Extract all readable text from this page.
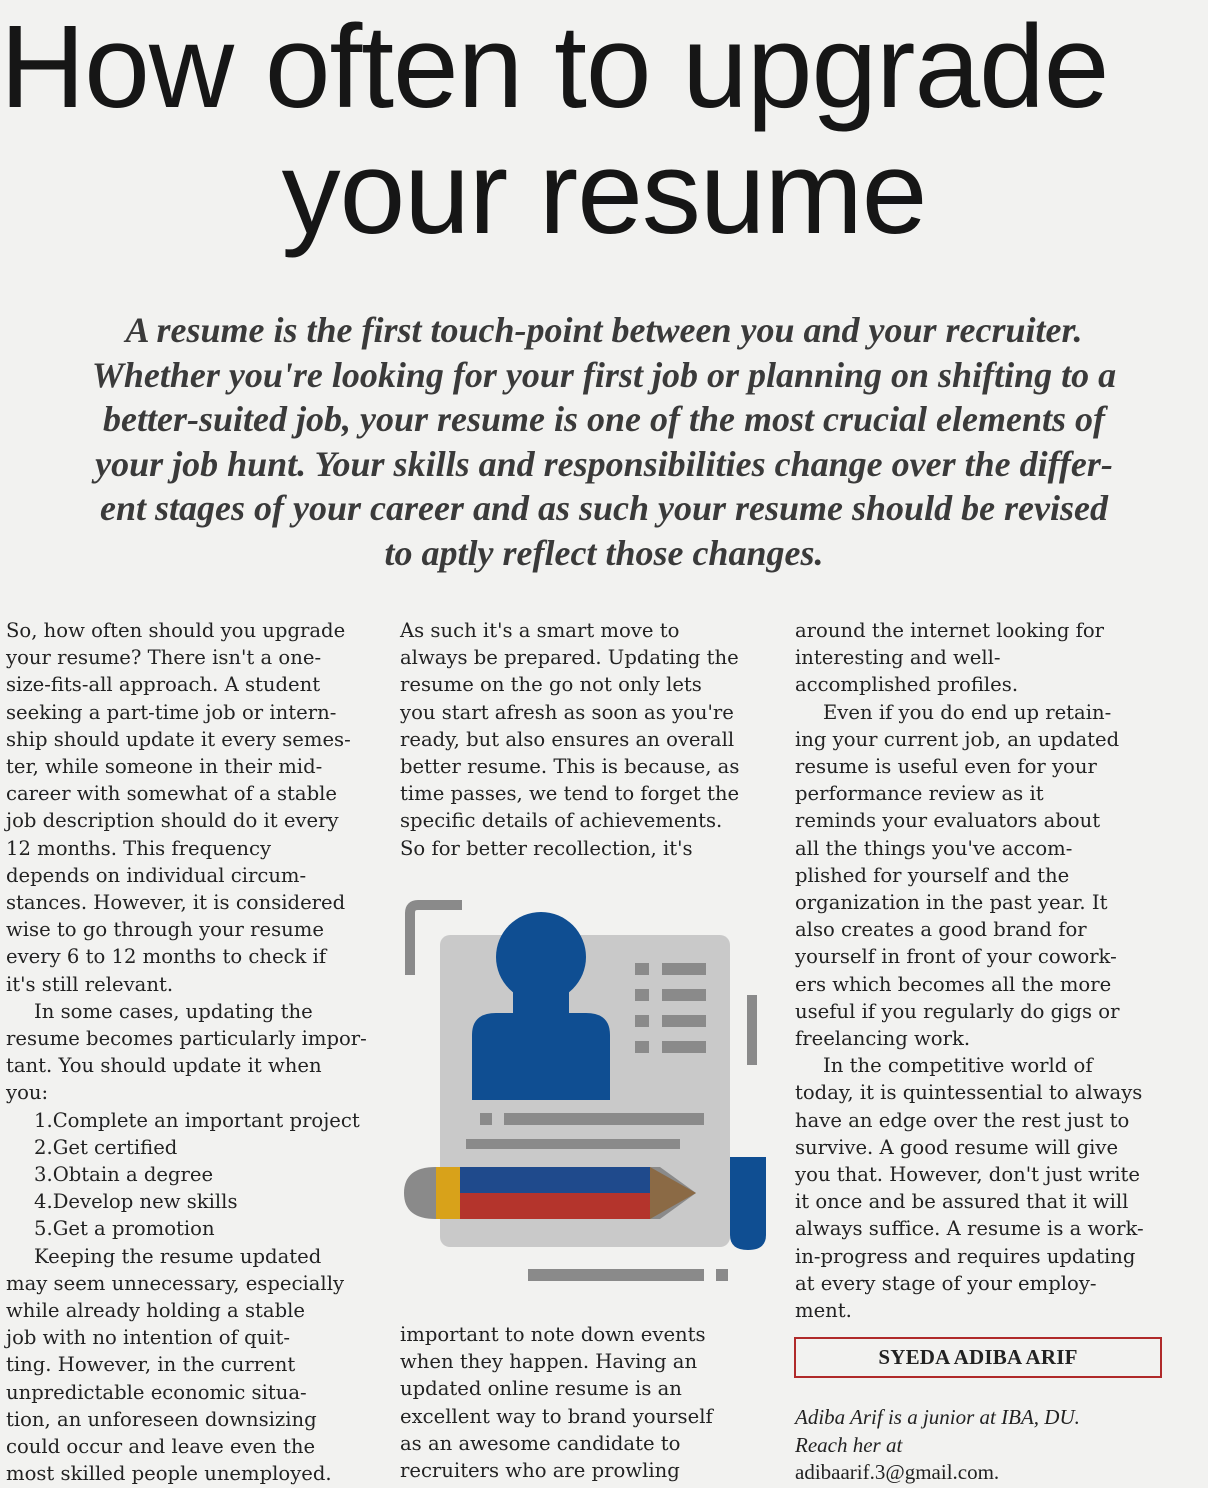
How often to upgrade
your resume

A resume is the first touch-point between you and your recruiter.
Whether you're looking for your first job or planning on shifting to a
better-suited job, your resume is one of the most crucial elements of
your job hunt. Your skills and responsibilities change over the differ-
ent stages of your career and as such your resume should be revised
to aptly reflect those changes.

So, how often should you upgrade
your resume? There isn't a one-
size-fits-all approach. A student
seeking a part-time job or intern-
ship should update it every semes-
ter, while someone in their mid-
career with somewhat of a stable
job description should do it every
12 months. This frequency
depends on individual circum-
stances. However, it is considered
wise to go through your resume
every 6 to 12 months to check if
it's still relevant.
In some cases, updating the
resume becomes particularly impor-
tant. You should update it when
you:
1.Complete an important project
2.Get certified
3.Obtain a degree
4.Develop new skills
5.Get a promotion
Keeping the resume updated
may seem unnecessary, especially
while already holding a stable
job with no intention of quit-
ting. However, in the current
unpredictable economic situa-
tion, an unforeseen downsizing
could occur and leave even the
most skilled people unemployed.
As such it's a smart move to
always be prepared. Updating the
resume on the go not only lets
you start afresh as soon as you're
ready, but also ensures an overall
better resume. This is because, as
time passes, we tend to forget the
specific details of achievements.
So for better recollection, it's
important to note down events
when they happen. Having an
updated online resume is an
excellent way to brand yourself
as an awesome candidate to
recruiters who are prowling
around the internet looking for
interesting and well-
accomplished profiles.
Even if you do end up retain-
ing your current job, an updated
resume is useful even for your
performance review as it
reminds your evaluators about
all the things you've accom-
plished for yourself and the
organization in the past year. It
also creates a good brand for
yourself in front of your cowork-
ers which becomes all the more
useful if you regularly do gigs or
freelancing work.
In the competitive world of
today, it is quintessential to always
have an edge over the rest just to
survive. A good resume will give
you that. However, don't just write
it once and be assured that it will
always suffice. A resume is a work-
in-progress and requires updating
at every stage of your employ-
ment.
SYEDA ADIBA ARIF
Adiba Arif is a junior at IBA, DU.
Reach her at
adibaarif.3@gmail.com.
